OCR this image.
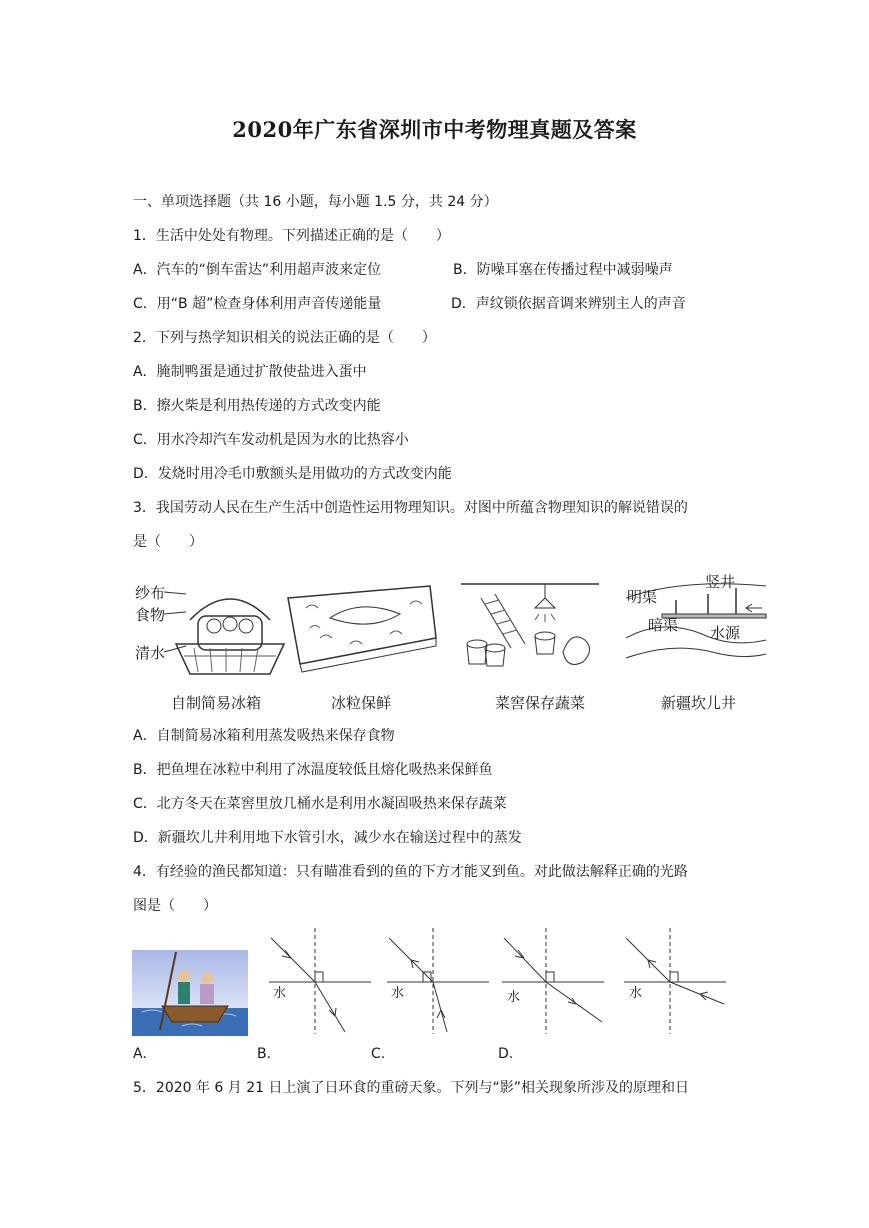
2020年广东省深圳市中考物理真题及答案
一、单项选择题（共 16 小题，每小题 1.5 分，共 24 分）
1．生活中处处有物理。下列描述正确的是（　　）
A．汽车的“倒车雷达”利用超声波来定位	B．防噪耳塞在传播过程中减弱噪声
C．用“B 超”检查身体利用声音传递能量	D．声纹锁依据音调来辨别主人的声音
2．下列与热学知识相关的说法正确的是（　　）
A．腌制鸭蛋是通过扩散使盐进入蛋中
B．擦火柴是利用热传递的方式改变内能
C．用水冷却汽车发动机是因为水的比热容小
D．发烧时用冷毛巾敷额头是用做功的方式改变内能
3．我国劳动人民在生产生活中创造性运用物理知识。对图中所蕴含物理知识的解说错误的
是（　　）
纱布
食物
清水
竖井
明渠
暗渠 水源
自制简易冰箱	冰粒保鲜	菜窖保存蔬菜	新疆坎儿井
A．自制简易冰箱利用蒸发吸热来保存食物
B．把鱼埋在冰粒中利用了冰温度较低且熔化吸热来保鲜鱼
C．北方冬天在菜窖里放几桶水是利用水凝固吸热来保存蔬菜
D．新疆坎儿井利用地下水管引水，减少水在输送过程中的蒸发
4．有经验的渔民都知道：只有瞄准看到的鱼的下方才能叉到鱼。对此做法解释正确的光路
图是（　　）
水	水	水	水
A.	B.	C.	D.
5．2020 年 6 月 21 日上演了日环食的重磅天象。下列与“影”相关现象所涉及的原理和日
